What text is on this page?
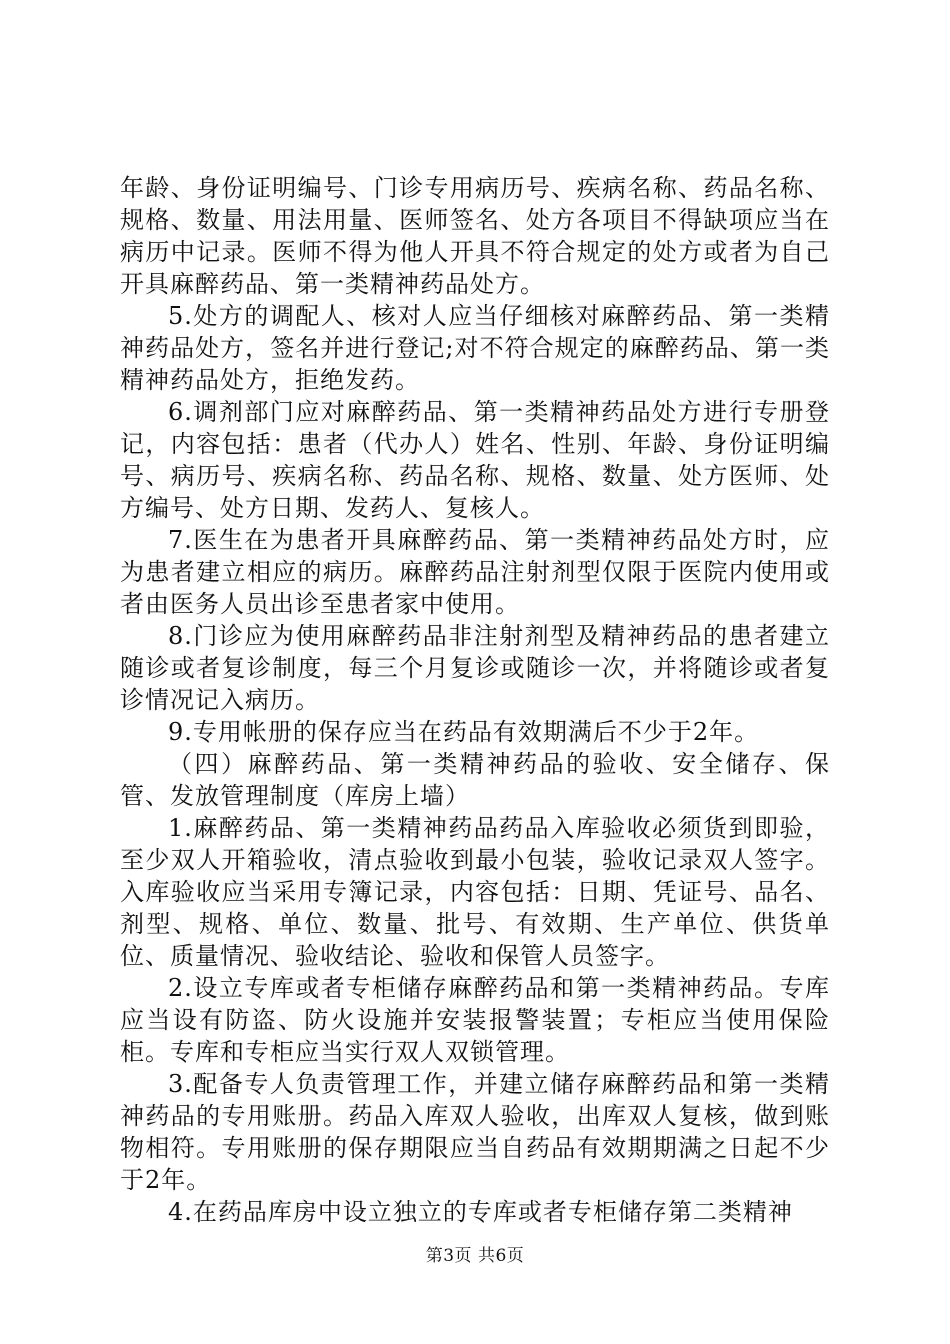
年龄、身份证明编号、门诊专用病历号、疾病名称、药品名称、规格、数量、用法用量、医师签名、处方各项目不得缺项应当在病历中记录。医师不得为他人开具不符合规定的处方或者为自己开具麻醉药品、第一类精神药品处方。

5.处方的调配人、核对人应当仔细核对麻醉药品、第一类精神药品处方，签名并进行登记;对不符合规定的麻醉药品、第一类精神药品处方，拒绝发药。

6.调剂部门应对麻醉药品、第一类精神药品处方进行专册登记，内容包括：患者（代办人）姓名、性别、年龄、身份证明编号、病历号、疾病名称、药品名称、规格、数量、处方医师、处方编号、处方日期、发药人、复核人。

7.医生在为患者开具麻醉药品、第一类精神药品处方时，应为患者建立相应的病历。麻醉药品注射剂型仅限于医院内使用或者由医务人员出诊至患者家中使用。

8.门诊应为使用麻醉药品非注射剂型及精神药品的患者建立随诊或者复诊制度，每三个月复诊或随诊一次，并将随诊或者复诊情况记入病历。

9.专用帐册的保存应当在药品有效期满后不少于2年。

（四）麻醉药品、第一类精神药品的验收、安全储存、保管、发放管理制度（库房上墙）

1.麻醉药品、第一类精神药品药品入库验收必须货到即验，至少双人开箱验收，清点验收到最小包装，验收记录双人签字。入库验收应当采用专簿记录，内容包括：日期、凭证号、品名、剂型、规格、单位、数量、批号、有效期、生产单位、供货单位、质量情况、验收结论、验收和保管人员签字。

2.设立专库或者专柜储存麻醉药品和第一类精神药品。专库应当设有防盗、防火设施并安装报警装置；专柜应当使用保险柜。专库和专柜应当实行双人双锁管理。

3.配备专人负责管理工作，并建立储存麻醉药品和第一类精神药品的专用账册。药品入库双人验收，出库双人复核，做到账物相符。专用账册的保存期限应当自药品有效期期满之日起不少于2年。

4.在药品库房中设立独立的专库或者专柜储存第二类精神

第3页 共6页
